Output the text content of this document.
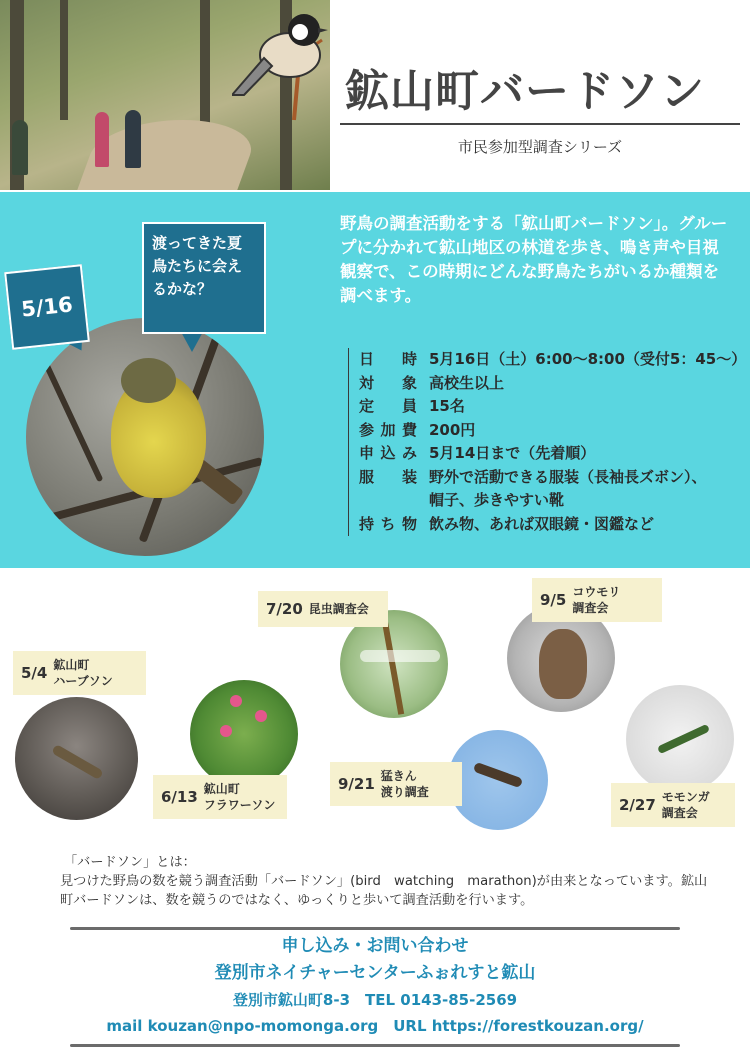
鉱山町バードソン
市民参加型調査シリーズ
5/16
渡ってきた夏鳥たちに会えるかな？
野鳥の調査活動をする「鉱山町バードソン」。グループに分かれて鉱山地区の林道を歩き、鳴き声や目視観察で、この時期にどんな野鳥たちがいるか種類を調べます。
日時 5月16日（土）6:00〜8:00（受付5：45〜）
対象 高校生以上
定員 15名
参加費 200円
申込み 5月14日まで（先着順）
服装 野外で活動できる服装（長袖長ズボン）、
帽子、歩きやすい靴
持ち物 飲み物、あれば双眼鏡・図鑑など
5/4 鉱山町
ハーブソン
6/13 鉱山町
フラワーソン
7/20 昆虫調査会	9/5 コウモリ
調査会
9/21 猛きん
渡り調査
2/27 モモンガ
調査会
「バードソン」とは：
見つけた野鳥の数を競う調査活動「バードソン」(bird　watching　marathon)が由来となっています。鉱山町バードソンは、数を競うのではなく、ゆっくりと歩いて調査活動を行います。
申し込み・お問い合わせ
登別市ネイチャーセンターふぉれすと鉱山
登別市鉱山町8-3　TEL 0143-85-2569
mail kouzan@npo-momonga.org　URL https://forestkouzan.org/
